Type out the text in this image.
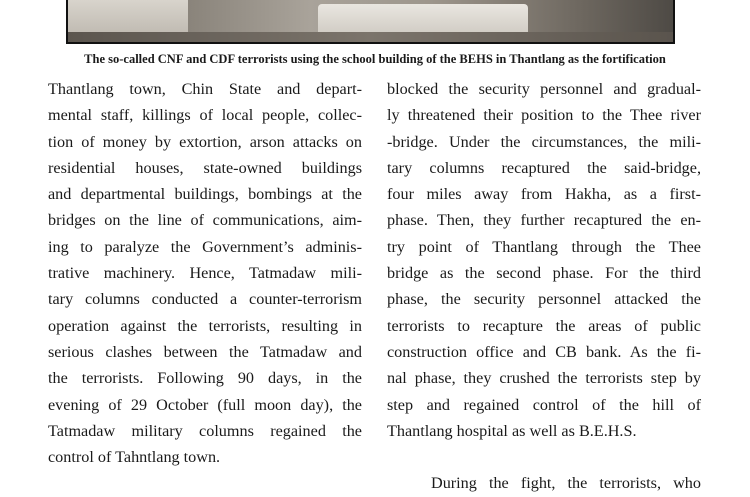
The so-called CNF and CDF terrorists using the school building of the BEHS in Thantlang as the fortification
Thantlang town, Chin State and depart-
mental staff, killings of local people, collec-
tion of money by extortion, arson attacks on
residential houses, state-owned buildings
and departmental buildings, bombings at the
bridges on the line of communications, aim-
ing to paralyze the Government’s adminis-
trative machinery. Hence, Tatmadaw mili-
tary columns conducted a counter-terrorism
operation against the terrorists, resulting in
serious clashes between the Tatmadaw and
the terrorists. Following 90 days, in the
evening of 29 October (full moon day), the
Tatmadaw military columns regained the
control of Tahntlang town.
blocked the security personnel and gradual-
ly threatened their position to the Thee river
-bridge. Under the circumstances, the mili-
tary columns recaptured the said-bridge,
four miles away from Hakha, as a first-
phase. Then, they further recaptured the en-
try point of Thantlang through the Thee
bridge as the second phase. For the third
phase, the security personnel attacked the
terrorists to recapture the areas of public
construction office and CB bank. As the fi-
nal phase, they crushed the terrorists step by
step and regained control of the hill of
Thantlang hospital as well as B.E.H.S.

During the fight, the terrorists, who
